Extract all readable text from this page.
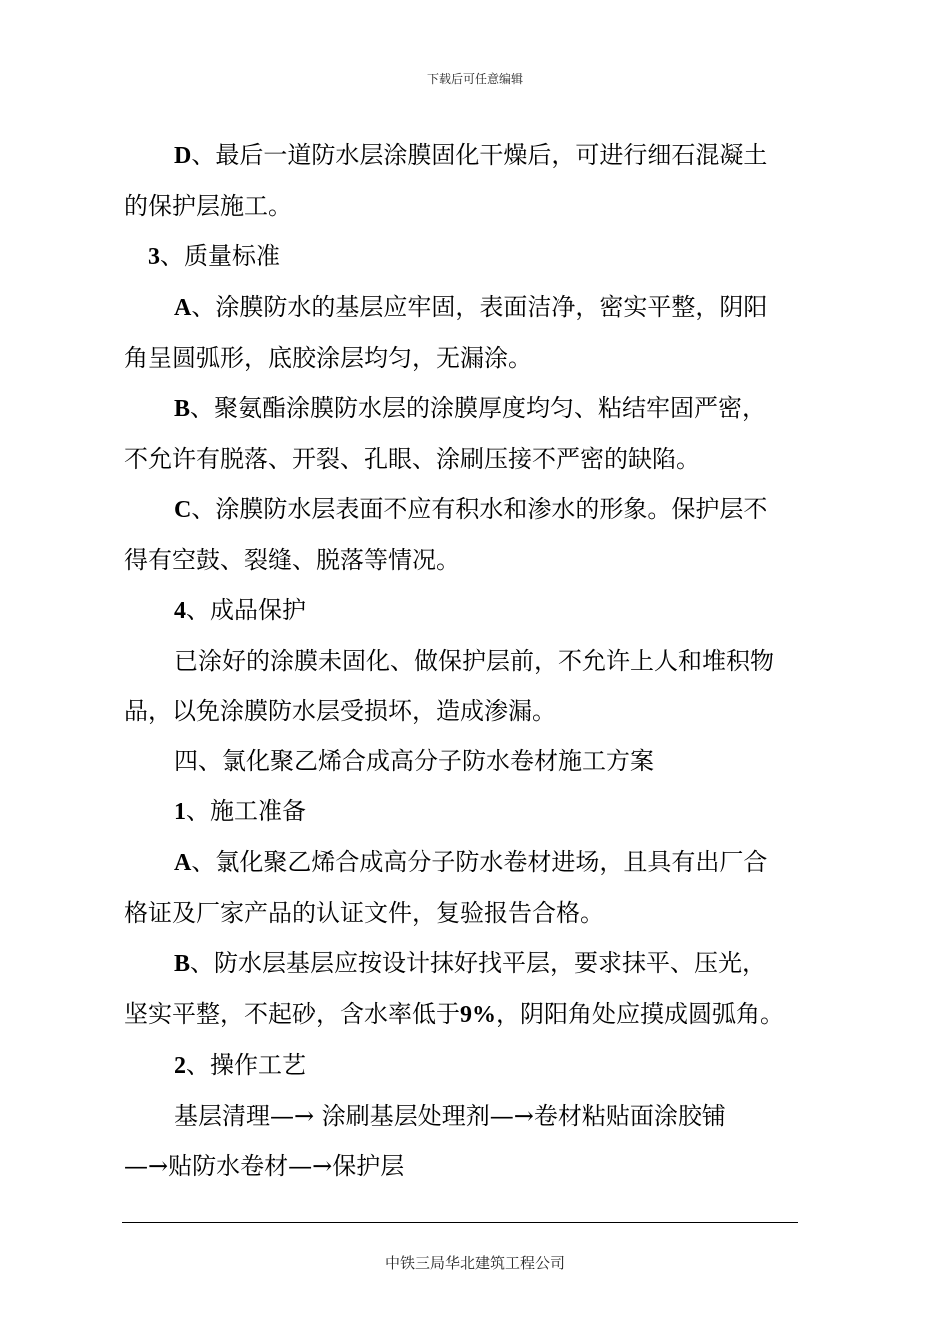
下载后可任意编辑
D、最后一道防水层涂膜固化干燥后，可进行细石混凝土
的保护层施工。
3、质量标准
A、涂膜防水的基层应牢固，表面洁净，密实平整，阴阳
角呈圆弧形，底胶涂层均匀，无漏涂。
B、聚氨酯涂膜防水层的涂膜厚度均匀、粘结牢固严密，
不允许有脱落、开裂、孔眼、涂刷压接不严密的缺陷。
C、涂膜防水层表面不应有积水和渗水的形象。保护层不
得有空鼓、裂缝、脱落等情况。
4、成品保护
已涂好的涂膜未固化、做保护层前，不允许上人和堆积物
品，以免涂膜防水层受损坏，造成渗漏。
四、氯化聚乙烯合成高分子防水卷材施工方案
1、施工准备
A、氯化聚乙烯合成高分子防水卷材进场，且具有出厂合
格证及厂家产品的认证文件，复验报告合格。
B、防水层基层应按设计抹好找平层，要求抹平、压光，
坚实平整，不起砂，含水率低于9%，阴阳角处应摸成圆弧角。
2、操作工艺
基层清理—→ 涂刷基层处理剂—→卷材粘贴面涂胶铺
—→贴防水卷材—→保护层
中铁三局华北建筑工程公司
